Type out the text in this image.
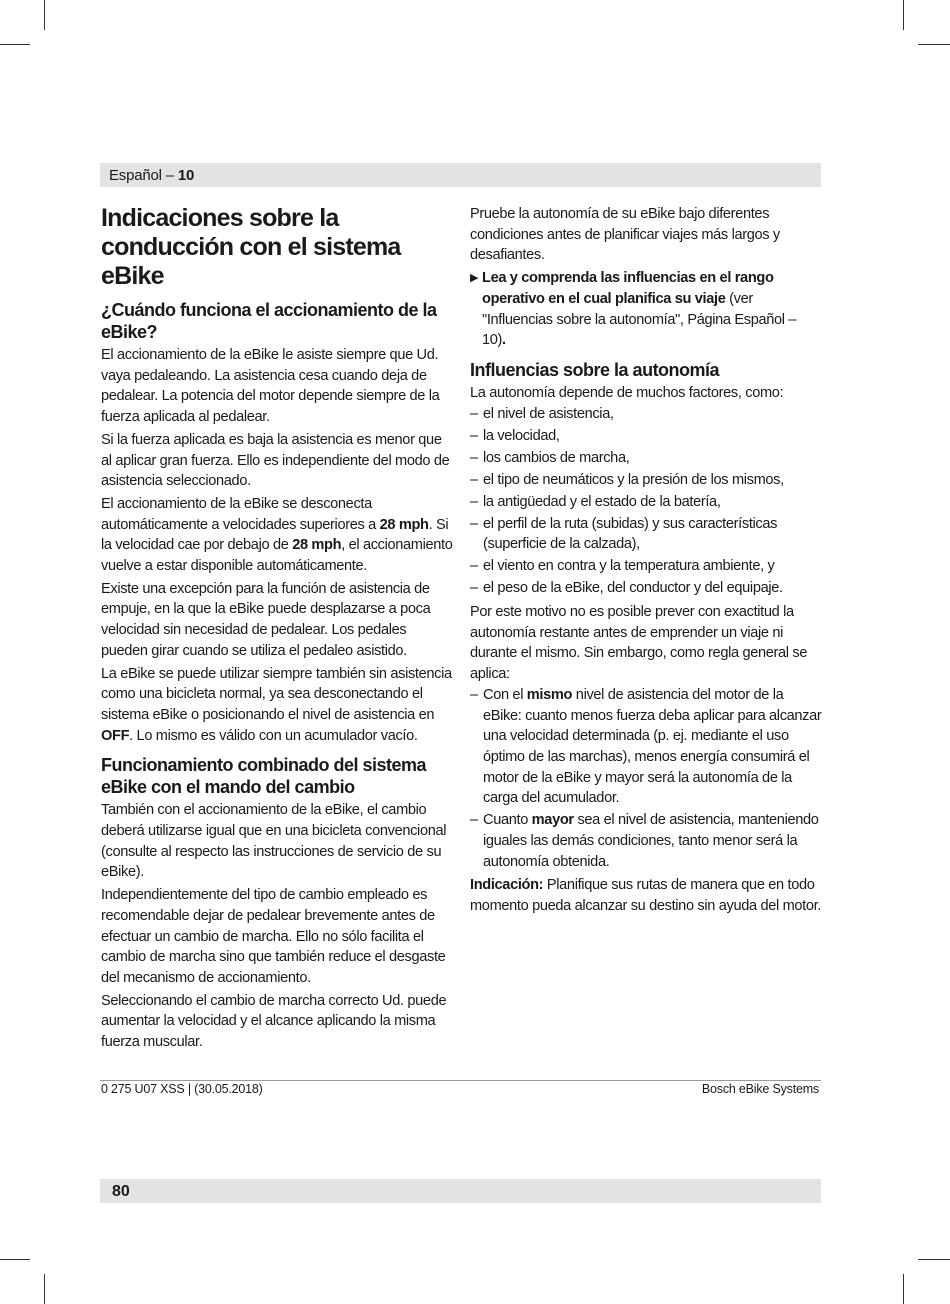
Español – 10
Indicaciones sobre la conducción con el sistema eBike
¿Cuándo funciona el accionamiento de la eBike?

El accionamiento de la eBike le asiste siempre que Ud. vaya pedaleando. La asistencia cesa cuando deja de pedalear. La potencia del motor depende siempre de la fuerza aplicada al pedalear.

Si la fuerza aplicada es baja la asistencia es menor que al aplicar gran fuerza. Ello es independiente del modo de asistencia seleccionado.

El accionamiento de la eBike se desconecta automáticamente a velocidades superiores a 28 mph. Si la velocidad cae por debajo de 28 mph, el accionamiento vuelve a estar disponible automáticamente.

Existe una excepción para la función de asistencia de empuje, en la que la eBike puede desplazarse a poca velocidad sin necesidad de pedalear. Los pedales pueden girar cuando se utiliza el pedaleo asistido.

La eBike se puede utilizar siempre también sin asistencia como una bicicleta normal, ya sea desconectando el sistema eBike o posicionando el nivel de asistencia en OFF. Lo mismo es válido con un acumulador vacío.

Funcionamiento combinado del sistema eBike con el mando del cambio

También con el accionamiento de la eBike, el cambio deberá utilizarse igual que en una bicicleta convencional (consulte al respecto las instrucciones de servicio de su eBike).

Independientemente del tipo de cambio empleado es recomendable dejar de pedalear brevemente antes de efectuar un cambio de marcha. Ello no sólo facilita el cambio de marcha sino que también reduce el desgaste del mecanismo de accionamiento.

Seleccionando el cambio de marcha correcto Ud. puede aumentar la velocidad y el alcance aplicando la misma fuerza muscular.

Pruebe la autonomía de su eBike bajo diferentes condiciones antes de planificar viajes más largos y desafiantes.

▶ Lea y comprenda las influencias en el rango operativo en el cual planifica su viaje (ver "Influencias sobre la autonomía", Página Español – 10).
Influencias sobre la autonomía

La autonomía depende de muchos factores, como:

– el nivel de asistencia,
– la velocidad,
– los cambios de marcha,
– el tipo de neumáticos y la presión de los mismos,
– la antigüedad y el estado de la batería,
– el perfil de la ruta (subidas) y sus características (superficie de la calzada),
– el viento en contra y la temperatura ambiente, y
– el peso de la eBike, del conductor y del equipaje.

Por este motivo no es posible prever con exactitud la autonomía restante antes de emprender un viaje ni durante el mismo. Sin embargo, como regla general se aplica:

– Con el mismo nivel de asistencia del motor de la eBike: cuanto menos fuerza deba aplicar para alcanzar una velocidad determinada (p. ej. mediante el uso óptimo de las marchas), menos energía consumirá el motor de la eBike y mayor será la autonomía de la carga del acumulador.
– Cuanto mayor sea el nivel de asistencia, manteniendo iguales las demás condiciones, tanto menor será la autonomía obtenida.

Indicación: Planifique sus rutas de manera que en todo momento pueda alcanzar su destino sin ayuda del motor.

0 275 U07 XSS | (30.05.2018)	Bosch eBike Systems
80
